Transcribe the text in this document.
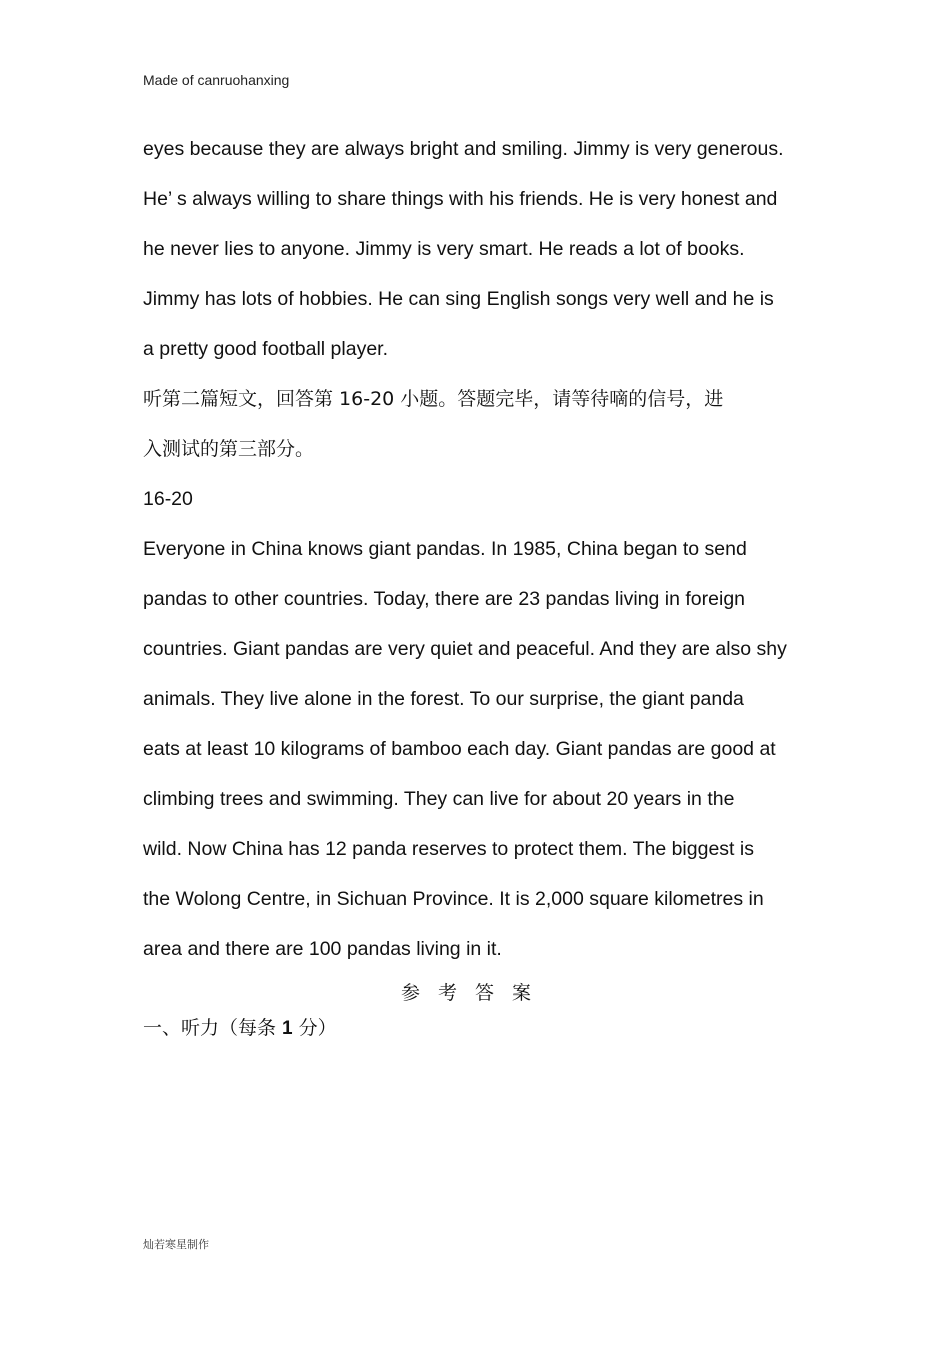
Made of canruohanxing
eyes because they are always bright and smiling. Jimmy is very generous.
He’ s always willing to share things with his friends. He is very honest and
he never lies to anyone. Jimmy is very smart. He reads a lot of books.
Jimmy has lots of hobbies. He can sing English songs very well and he is
a pretty good football player.
听第二篇短文，回答第 16-20 小题。答题完毕，请等待嘀的信号，进
入测试的第三部分。
16-20
Everyone in China knows giant pandas. In 1985, China began to send
pandas to other countries. Today, there are 23 pandas living in foreign
countries. Giant pandas are very quiet and peaceful. And they are also shy
animals. They live alone in the forest. To our surprise, the giant panda
eats at least 10 kilograms of bamboo each day. Giant pandas are good at
climbing trees and swimming. They can live for about 20 years in the
wild. Now China has 12 panda reserves to protect them. The biggest is
the Wolong Centre, in Sichuan Province. It is 2,000 square kilometres in
area and there are 100 pandas living in it.
参考答案
一、听力（每条 1 分）
灿若寒星制作
